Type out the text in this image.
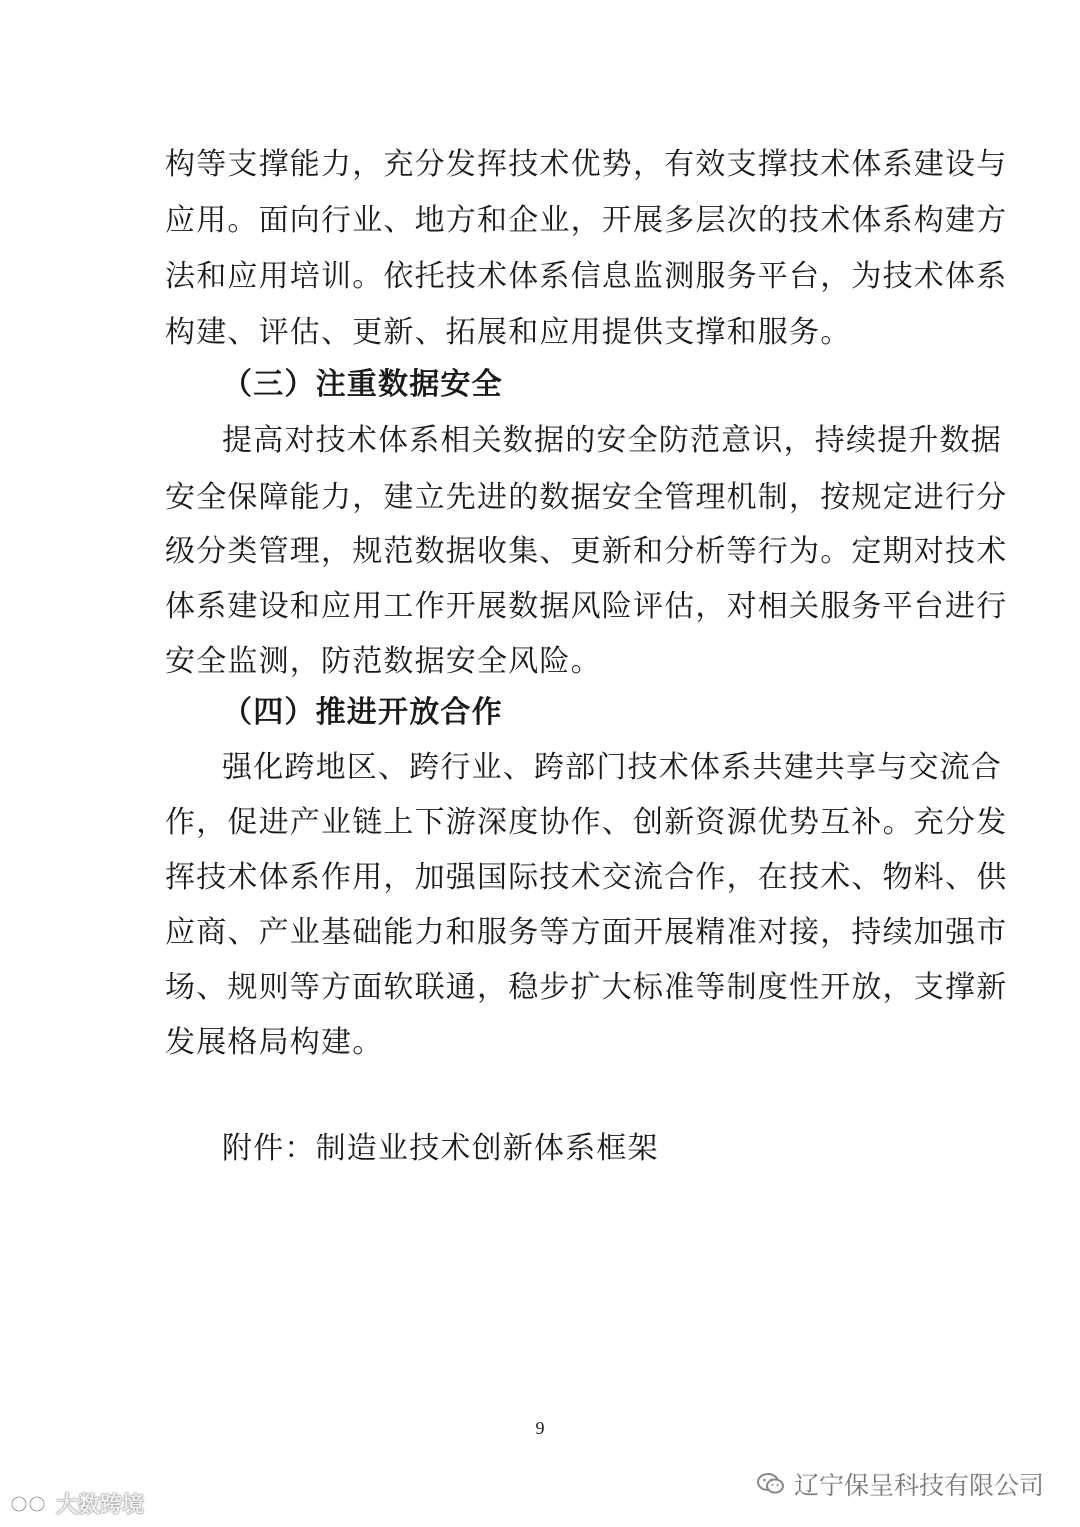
构等支撑能力，充分发挥技术优势，有效支撑技术体系建设与
应用。面向行业、地方和企业，开展多层次的技术体系构建方
法和应用培训。依托技术体系信息监测服务平台，为技术体系
构建、评估、更新、拓展和应用提供支撑和服务。
（三）注重数据安全
提高对技术体系相关数据的安全防范意识，持续提升数据
安全保障能力，建立先进的数据安全管理机制，按规定进行分
级分类管理，规范数据收集、更新和分析等行为。定期对技术
体系建设和应用工作开展数据风险评估，对相关服务平台进行
安全监测，防范数据安全风险。
（四）推进开放合作
强化跨地区、跨行业、跨部门技术体系共建共享与交流合
作，促进产业链上下游深度协作、创新资源优势互补。充分发
挥技术体系作用，加强国际技术交流合作，在技术、物料、供
应商、产业基础能力和服务等方面开展精准对接，持续加强市
场、规则等方面软联通，稳步扩大标准等制度性开放，支撑新
发展格局构建。
附件：制造业技术创新体系框架
9
辽宁保呈科技有限公司
大数跨境
